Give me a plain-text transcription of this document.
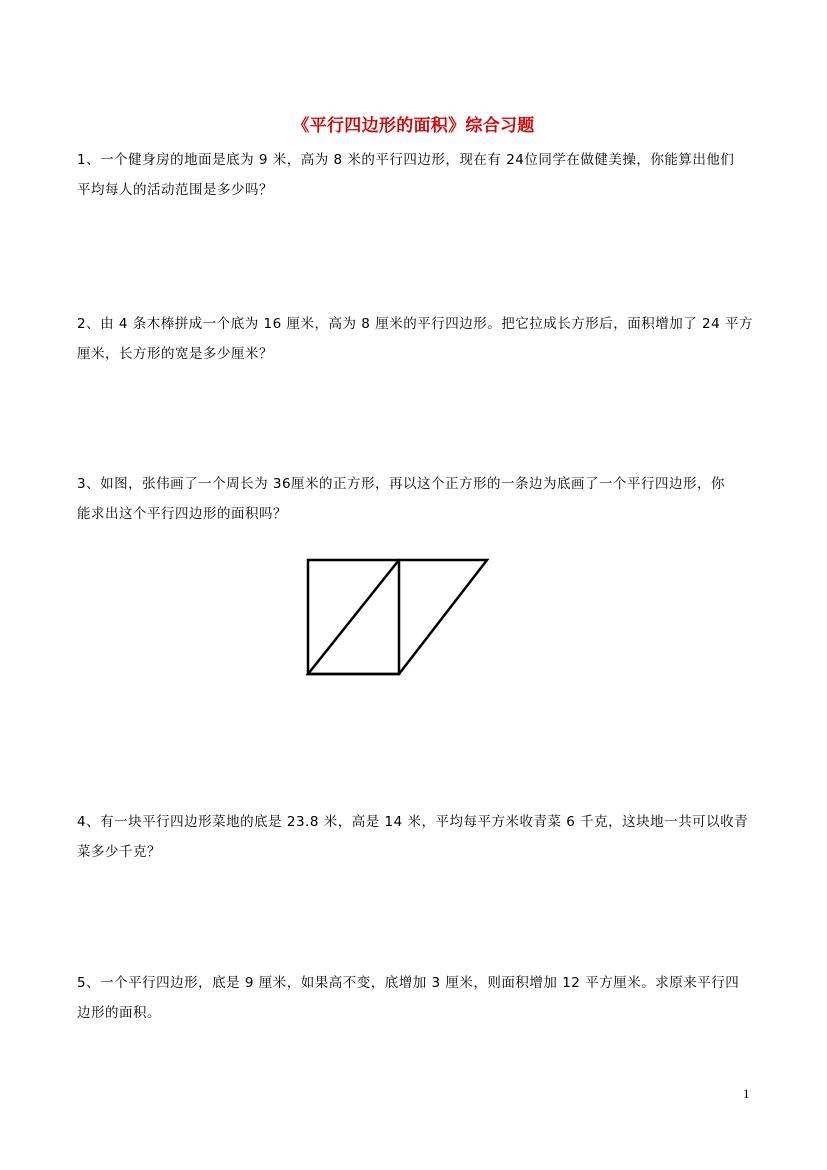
《平行四边形的面积》综合习题
1、一个健身房的地面是底为 9 米，高为 8 米的平行四边形，现在有 24位同学在做健美操，你能算出他们
平均每人的活动范围是多少吗？
2、由 4 条木棒拼成一个底为 16 厘米，高为 8 厘米的平行四边形。把它拉成长方形后，面积增加了 24 平方
厘米，长方形的宽是多少厘米？
3、如图，张伟画了一个周长为 36厘米的正方形，再以这个正方形的一条边为底画了一个平行四边形，你
能求出这个平行四边形的面积吗？
4、有一块平行四边形菜地的底是 23.8 米，高是 14 米，平均每平方米收青菜 6 千克，这块地一共可以收青
菜多少千克？
5、一个平行四边形，底是 9 厘米，如果高不变，底增加 3 厘米，则面积增加 12 平方厘米。求原来平行四
边形的面积。
1
